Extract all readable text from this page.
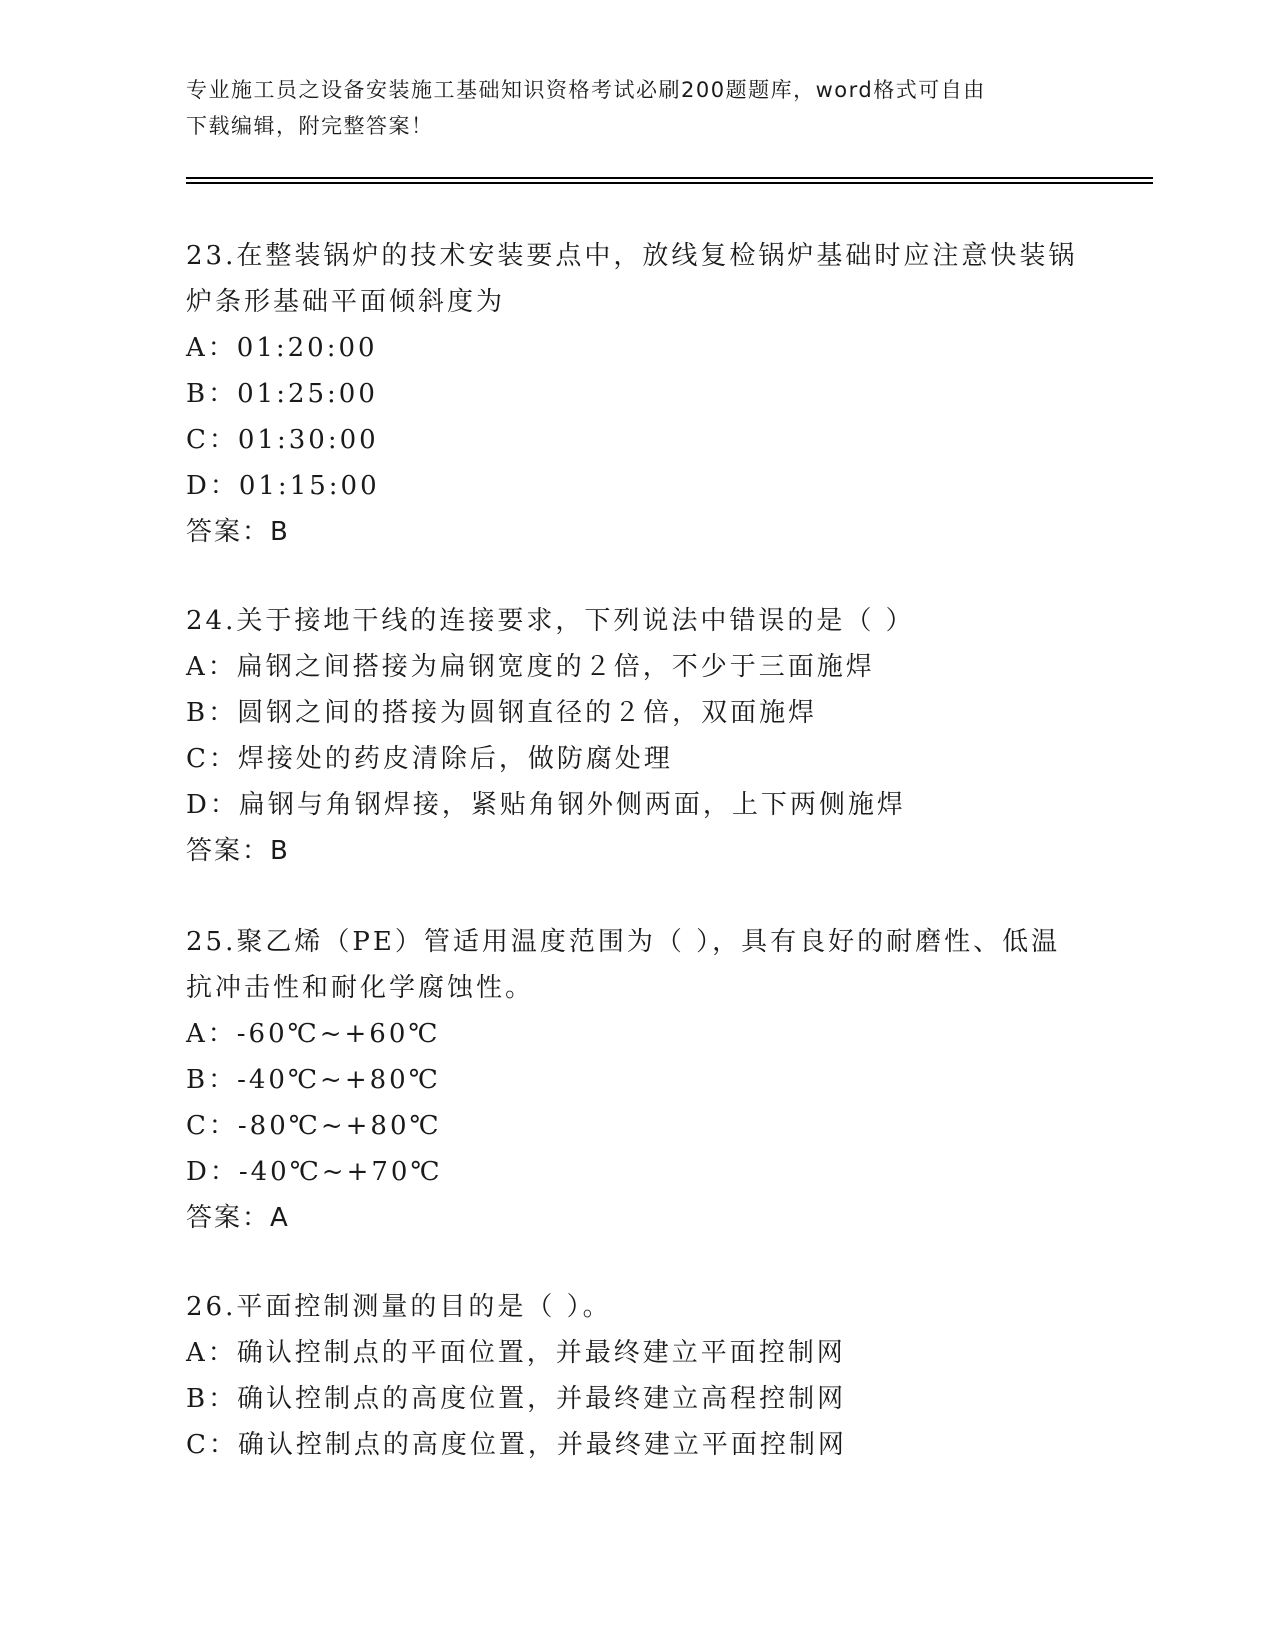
专业施工员之设备安装施工基础知识资格考试必刷200题题库，word格式可自由
下载编辑，附完整答案！

23.在整装锅炉的技术安装要点中，放线复检锅炉基础时应注意快装锅炉条形基础平面倾斜度为

A：01:20:00

B：01:25:00

C：01:30:00

D：01:15:00

答案：B

24.关于接地干线的连接要求，下列说法中错误的是（ ）

A：扁钢之间搭接为扁钢宽度的２倍，不少于三面施焊

B：圆钢之间的搭接为圆钢直径的２倍，双面施焊

C：焊接处的药皮清除后，做防腐处理

D：扁钢与角钢焊接，紧贴角钢外侧两面，上下两侧施焊

答案：B

25.聚乙烯（PE）管适用温度范围为（ ），具有良好的耐磨性、低温抗冲击性和耐化学腐蚀性。

A：-60℃~+60℃

B：-40℃~+80℃

C：-80℃~+80℃

D：-40℃~+70℃

答案：A

26.平面控制测量的目的是（ ）。

A：确认控制点的平面位置，并最终建立平面控制网

B：确认控制点的高度位置，并最终建立高程控制网

C：确认控制点的高度位置，并最终建立平面控制网
